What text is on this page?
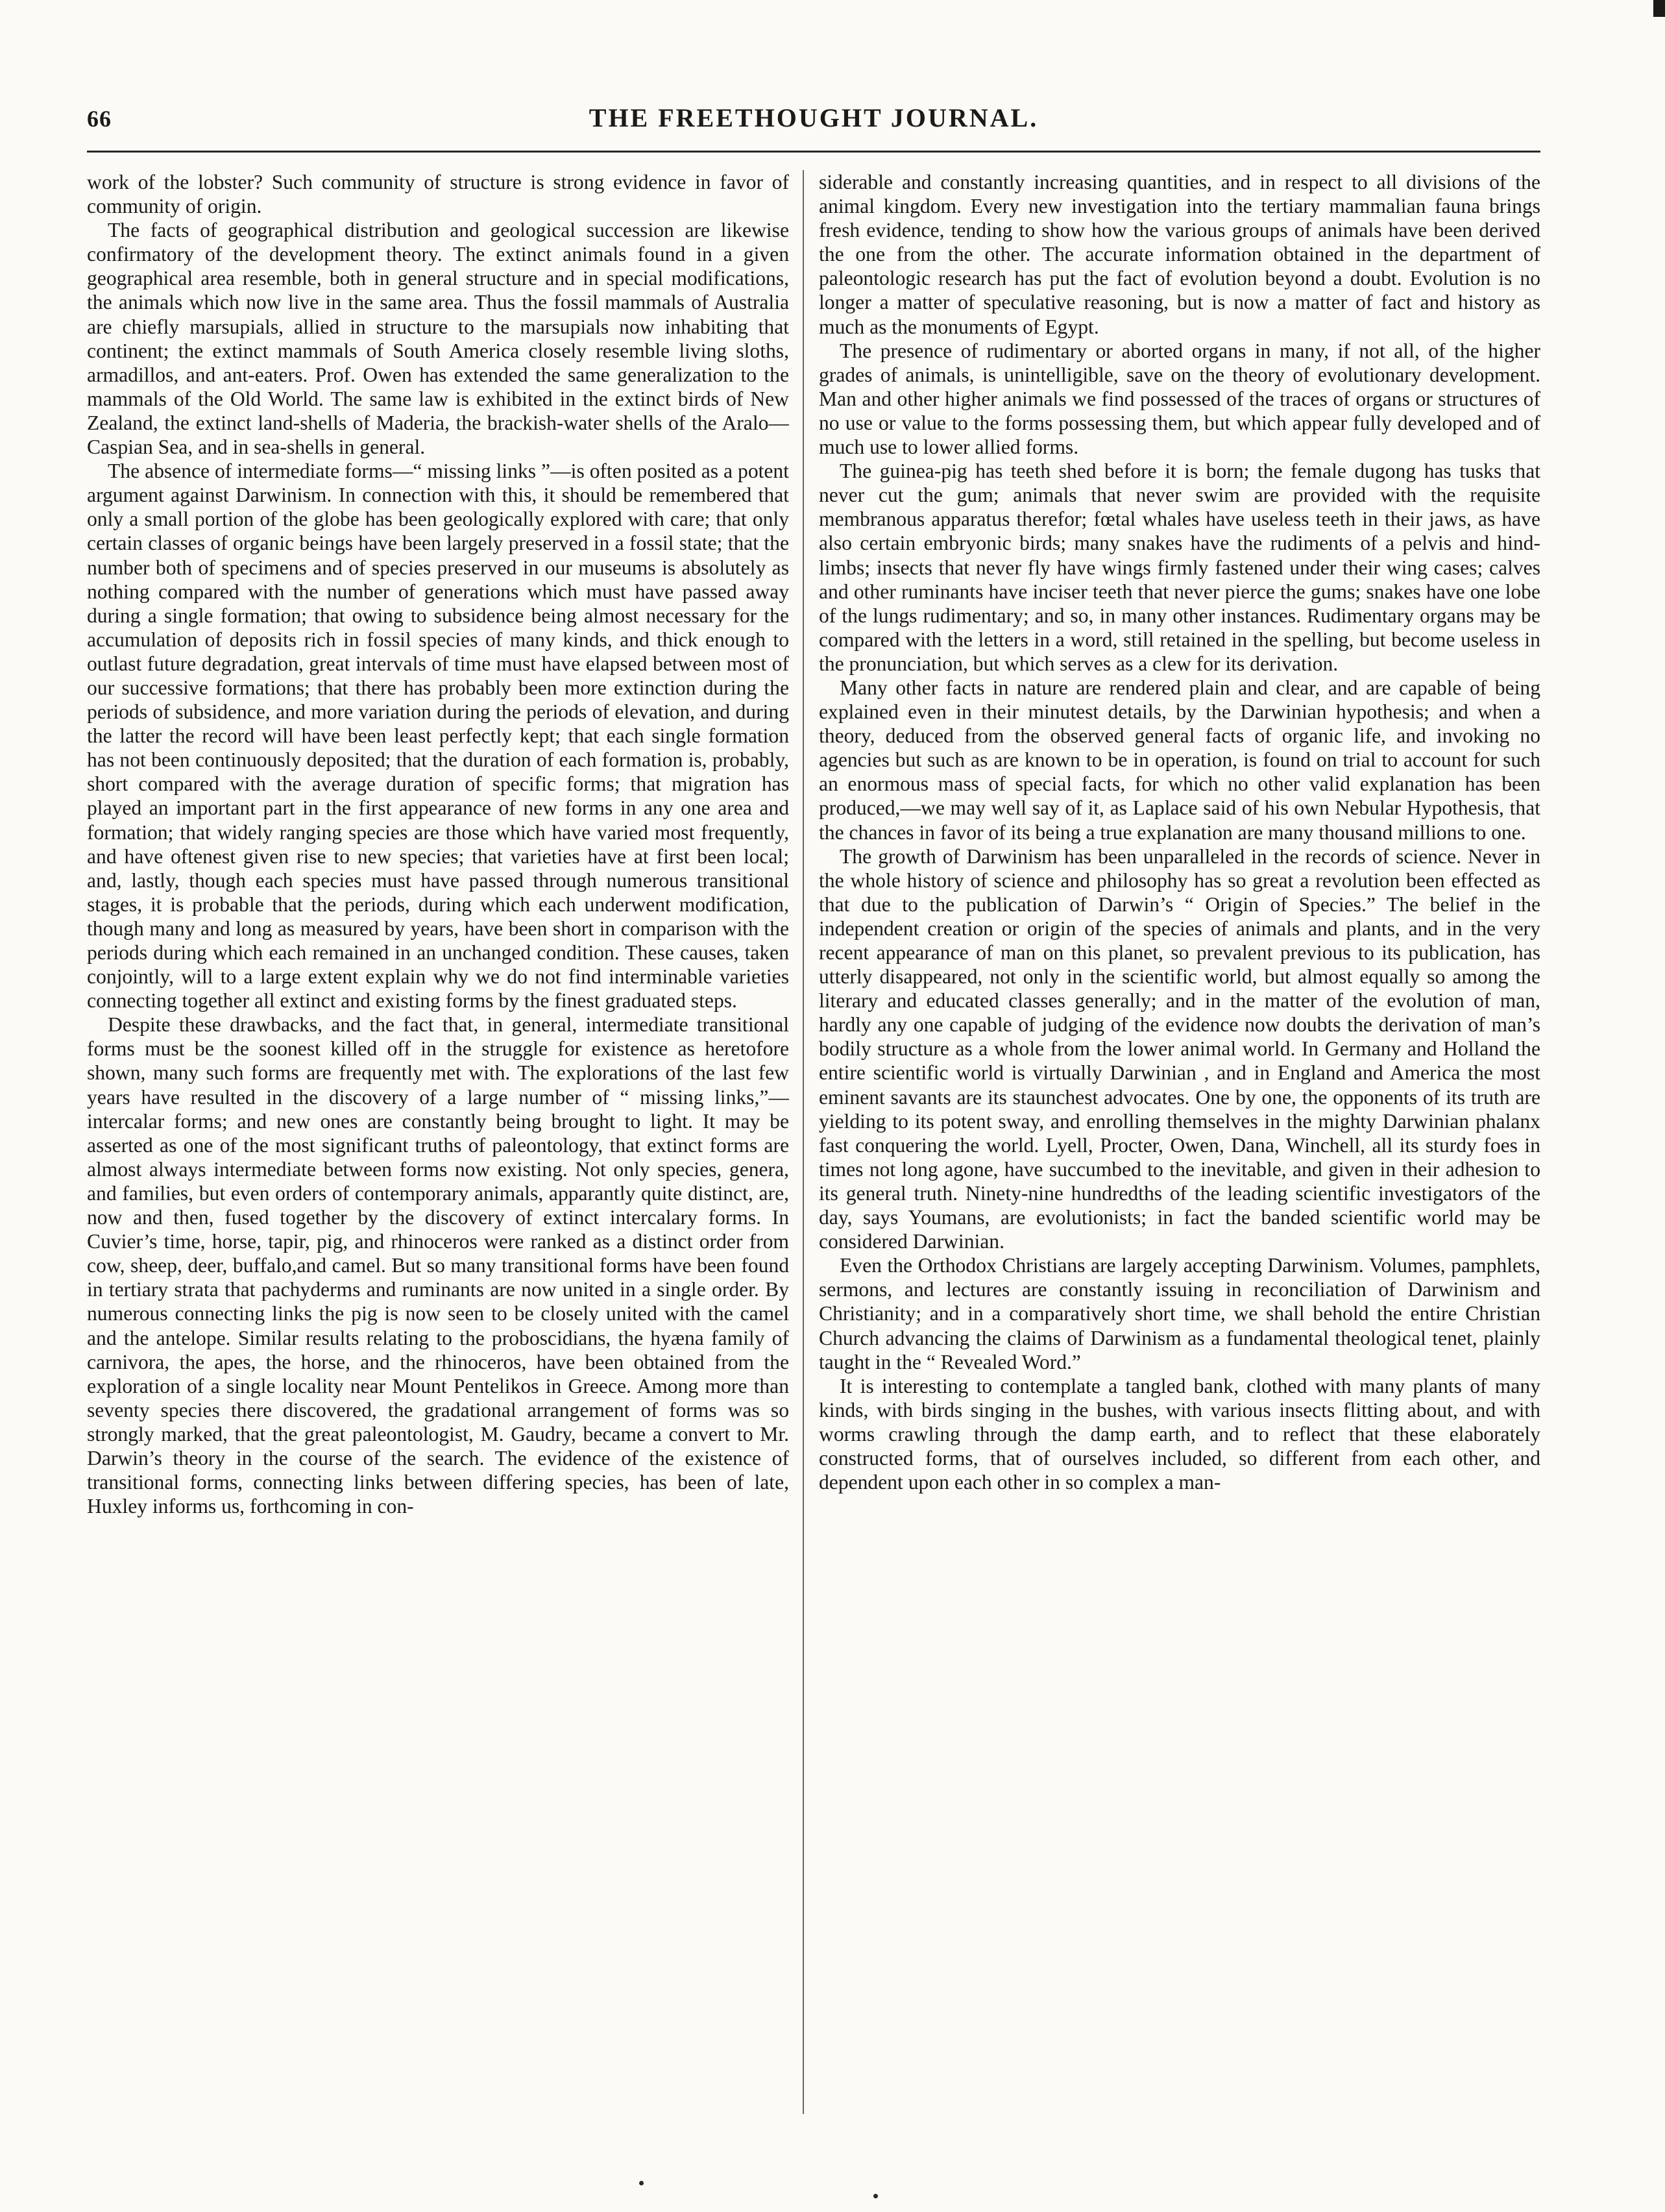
66	THE FREETHOUGHT JOURNAL.

work of the lobster? Such community of structure is strong evidence in favor of community of origin.

The facts of geographical distribution and geological succession are likewise confirmatory of the development theory. The extinct animals found in a given geographical area resemble, both in general structure and in special modifications, the animals which now live in the same area. Thus the fossil mammals of Australia are chiefly marsupials, allied in structure to the marsupials now inhabiting that continent; the extinct mammals of South America closely resemble living sloths, armadillos, and ant-eaters. Prof. Owen has extended the same generalization to the mammals of the Old World. The same law is exhibited in the extinct birds of New Zealand, the extinct land-shells of Maderia, the brackish-water shells of the Aralo—Caspian Sea, and in sea-shells in general.

The absence of intermediate forms—“ missing links ”—is often posited as a potent argument against Darwinism. In connection with this, it should be remembered that only a small portion of the globe has been geologically explored with care; that only certain classes of organic beings have been largely preserved in a fossil state; that the number both of specimens and of species preserved in our museums is absolutely as nothing compared with the number of generations which must have passed away during a single formation; that owing to subsidence being almost necessary for the accumulation of deposits rich in fossil species of many kinds, and thick enough to outlast future degradation, great intervals of time must have elapsed between most of our successive formations; that there has probably been more extinction during the periods of subsidence, and more variation during the periods of elevation, and during the latter the record will have been least perfectly kept; that each single formation has not been continuously deposited; that the duration of each formation is, probably, short compared with the average duration of specific forms; that migration has played an important part in the first appearance of new forms in any one area and formation; that widely ranging species are those which have varied most frequently, and have oftenest given rise to new species; that varieties have at first been local; and, lastly, though each species must have passed through numerous transitional stages, it is probable that the periods, during which each underwent modification, though many and long as measured by years, have been short in comparison with the periods during which each remained in an unchanged condition. These causes, taken conjointly, will to a large extent explain why we do not find interminable varieties connecting together all extinct and existing forms by the finest graduated steps.

Despite these drawbacks, and the fact that, in general, intermediate transitional forms must be the soonest killed off in the struggle for existence as heretofore shown, many such forms are frequently met with. The explorations of the last few years have resulted in the discovery of a large number of “ missing links,”—intercalar forms; and new ones are constantly being brought to light. It may be asserted as one of the most significant truths of paleontology, that extinct forms are almost always intermediate between forms now existing. Not only species, genera, and families, but even orders of contemporary animals, apparantly quite distinct, are, now and then, fused together by the discovery of extinct intercalary forms. In Cuvier’s time, horse, tapir, pig, and rhinoceros were ranked as a distinct order from cow, sheep, deer, buffalo,and camel. But so many transitional forms have been found in tertiary strata that pachyderms and ruminants are now united in a single order. By numerous connecting links the pig is now seen to be closely united with the camel and the antelope. Similar results relating to the proboscidians, the hyæna family of carnivora, the apes, the horse, and the rhinoceros, have been obtained from the exploration of a single locality near Mount Pentelikos in Greece. Among more than seventy species there discovered, the gradational arrangement of forms was so strongly marked, that the great paleontologist, M. Gaudry, became a convert to Mr. Darwin’s theory in the course of the search. The evidence of the existence of transitional forms, connecting links between differing species, has been of late, Huxley informs us, forthcoming in con-

siderable and constantly increasing quantities, and in respect to all divisions of the animal kingdom. Every new investigation into the tertiary mammalian fauna brings fresh evidence, tending to show how the various groups of animals have been derived the one from the other. The accurate information obtained in the department of paleontologic research has put the fact of evolution beyond a doubt. Evolution is no longer a matter of speculative reasoning, but is now a matter of fact and history as much as the monuments of Egypt.

The presence of rudimentary or aborted organs in many, if not all, of the higher grades of animals, is unintelligible, save on the theory of evolutionary development. Man and other higher animals we find possessed of the traces of organs or structures of no use or value to the forms possessing them, but which appear fully developed and of much use to lower allied forms.

The guinea-pig has teeth shed before it is born; the female dugong has tusks that never cut the gum; animals that never swim are provided with the requisite membranous apparatus therefor; fœtal whales have useless teeth in their jaws, as have also certain embryonic birds; many snakes have the rudiments of a pelvis and hind-limbs; insects that never fly have wings firmly fastened under their wing cases; calves and other ruminants have inciser teeth that never pierce the gums; snakes have one lobe of the lungs rudimentary; and so, in many other instances. Rudimentary organs may be compared with the letters in a word, still retained in the spelling, but become useless in the pronunciation, but which serves as a clew for its derivation.

Many other facts in nature are rendered plain and clear, and are capable of being explained even in their minutest details, by the Darwinian hypothesis; and when a theory, deduced from the observed general facts of organic life, and invoking no agencies but such as are known to be in operation, is found on trial to account for such an enormous mass of special facts, for which no other valid explanation has been produced,—we may well say of it, as Laplace said of his own Nebular Hypothesis, that the chances in favor of its being a true explanation are many thousand millions to one.

The growth of Darwinism has been unparalleled in the records of science. Never in the whole history of science and philosophy has so great a revolution been effected as that due to the publication of Darwin’s “ Origin of Species.” The belief in the independent creation or origin of the species of animals and plants, and in the very recent appearance of man on this planet, so prevalent previous to its publication, has utterly disappeared, not only in the scientific world, but almost equally so among the literary and educated classes generally; and in the matter of the evolution of man, hardly any one capable of judging of the evidence now doubts the derivation of man’s bodily structure as a whole from the lower animal world. In Germany and Holland the entire scientific world is virtually Darwinian , and in England and America the most eminent savants are its staunchest advocates. One by one, the opponents of its truth are yielding to its potent sway, and enrolling themselves in the mighty Darwinian phalanx fast conquering the world. Lyell, Procter, Owen, Dana, Winchell, all its sturdy foes in times not long agone, have succumbed to the inevitable, and given in their adhesion to its general truth. Ninety-nine hundredths of the leading scientific investigators of the day, says Youmans, are evolutionists; in fact the banded scientific world may be considered Darwinian.

Even the Orthodox Christians are largely accepting Darwinism. Volumes, pamphlets, sermons, and lectures are constantly issuing in reconciliation of Darwinism and Christianity; and in a comparatively short time, we shall behold the entire Christian Church advancing the claims of Darwinism as a fundamental theological tenet, plainly taught in the “ Revealed Word.”

It is interesting to contemplate a tangled bank, clothed with many plants of many kinds, with birds singing in the bushes, with various insects flitting about, and with worms crawling through the damp earth, and to reflect that these elaborately constructed forms, that of ourselves included, so different from each other, and dependent upon each other in so complex a man-
